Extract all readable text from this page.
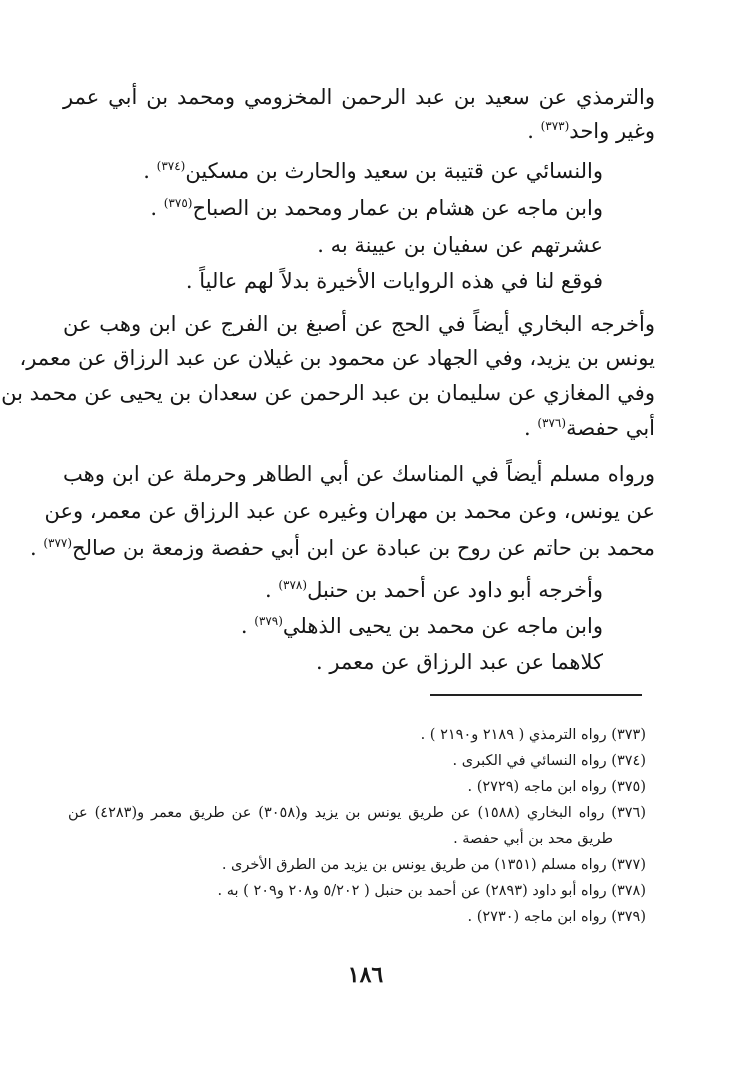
والترمذي عن سعيد بن عبد الرحمن المخزومي ومحمد بن أبي عمر
وغير واحد$^{(٣٧٣)}$ .
والنسائي عن قتيبة بن سعيد والحارث بن مسكين$^{(٣٧٤)}$ .
وابن ماجه عن هشام بن عمار ومحمد بن الصباح$^{(٣٧٥)}$ .
عشرتهم عن سفيان بن عيينة به .
فوقع لنا في هذه الروايات الأخيرة بدلاً لهم عالياً .
وأخرجه البخاري أيضاً في الحج عن أصبغ بن الفرج عن ابن وهب عن
يونس بن يزيد، وفي الجهاد عن محمود بن غيلان عن عبد الرزاق عن معمر،
وفي المغازي عن سليمان بن عبد الرحمن عن سعدان بن يحيى عن محمد بن
أبي حفصة$^{(٣٧٦)}$ .
ورواه مسلم أيضاً في المناسك عن أبي الطاهر وحرملة عن ابن وهب
عن يونس، وعن محمد بن مهران وغيره عن عبد الرزاق عن معمر، وعن
محمد بن حاتم عن روح بن عبادة عن ابن أبي حفصة وزمعة بن صالح$^{(٣٧٧)}$ .
وأخرجه أبو داود عن أحمد بن حنبل$^{(٣٧٨)}$ .
وابن ماجه عن محمد بن يحيى الذهلي$^{(٣٧٩)}$ .
كلاهما عن عبد الرزاق عن معمر .
(٣٧٣) رواه الترمذي ( ٢١٨٩ و٢١٩٠ ) .
(٣٧٤) رواه النسائي في الكبرى .
(٣٧٥) رواه ابن ماجه (٢٧٢٩) .
(٣٧٦) رواه البخاري (١٥٨٨) عن طريق يونس بن يزيد و(٣٠٥٨) عن طريق معمر و(٤٢٨٣) عن
طريق محد بن أبي حفصة .
(٣٧٧) رواه مسلم (١٣٥١) من طريق يونس بن يزيد من الطرق الأخرى .
(٣٧٨) رواه أبو داود (٢٨٩٣) عن أحمد بن حنبل ( ٥/٢٠٢ و٢٠٨ و٢٠٩ ) به .
(٣٧٩) رواه ابن ماجه (٢٧٣٠) .
١٨٦
